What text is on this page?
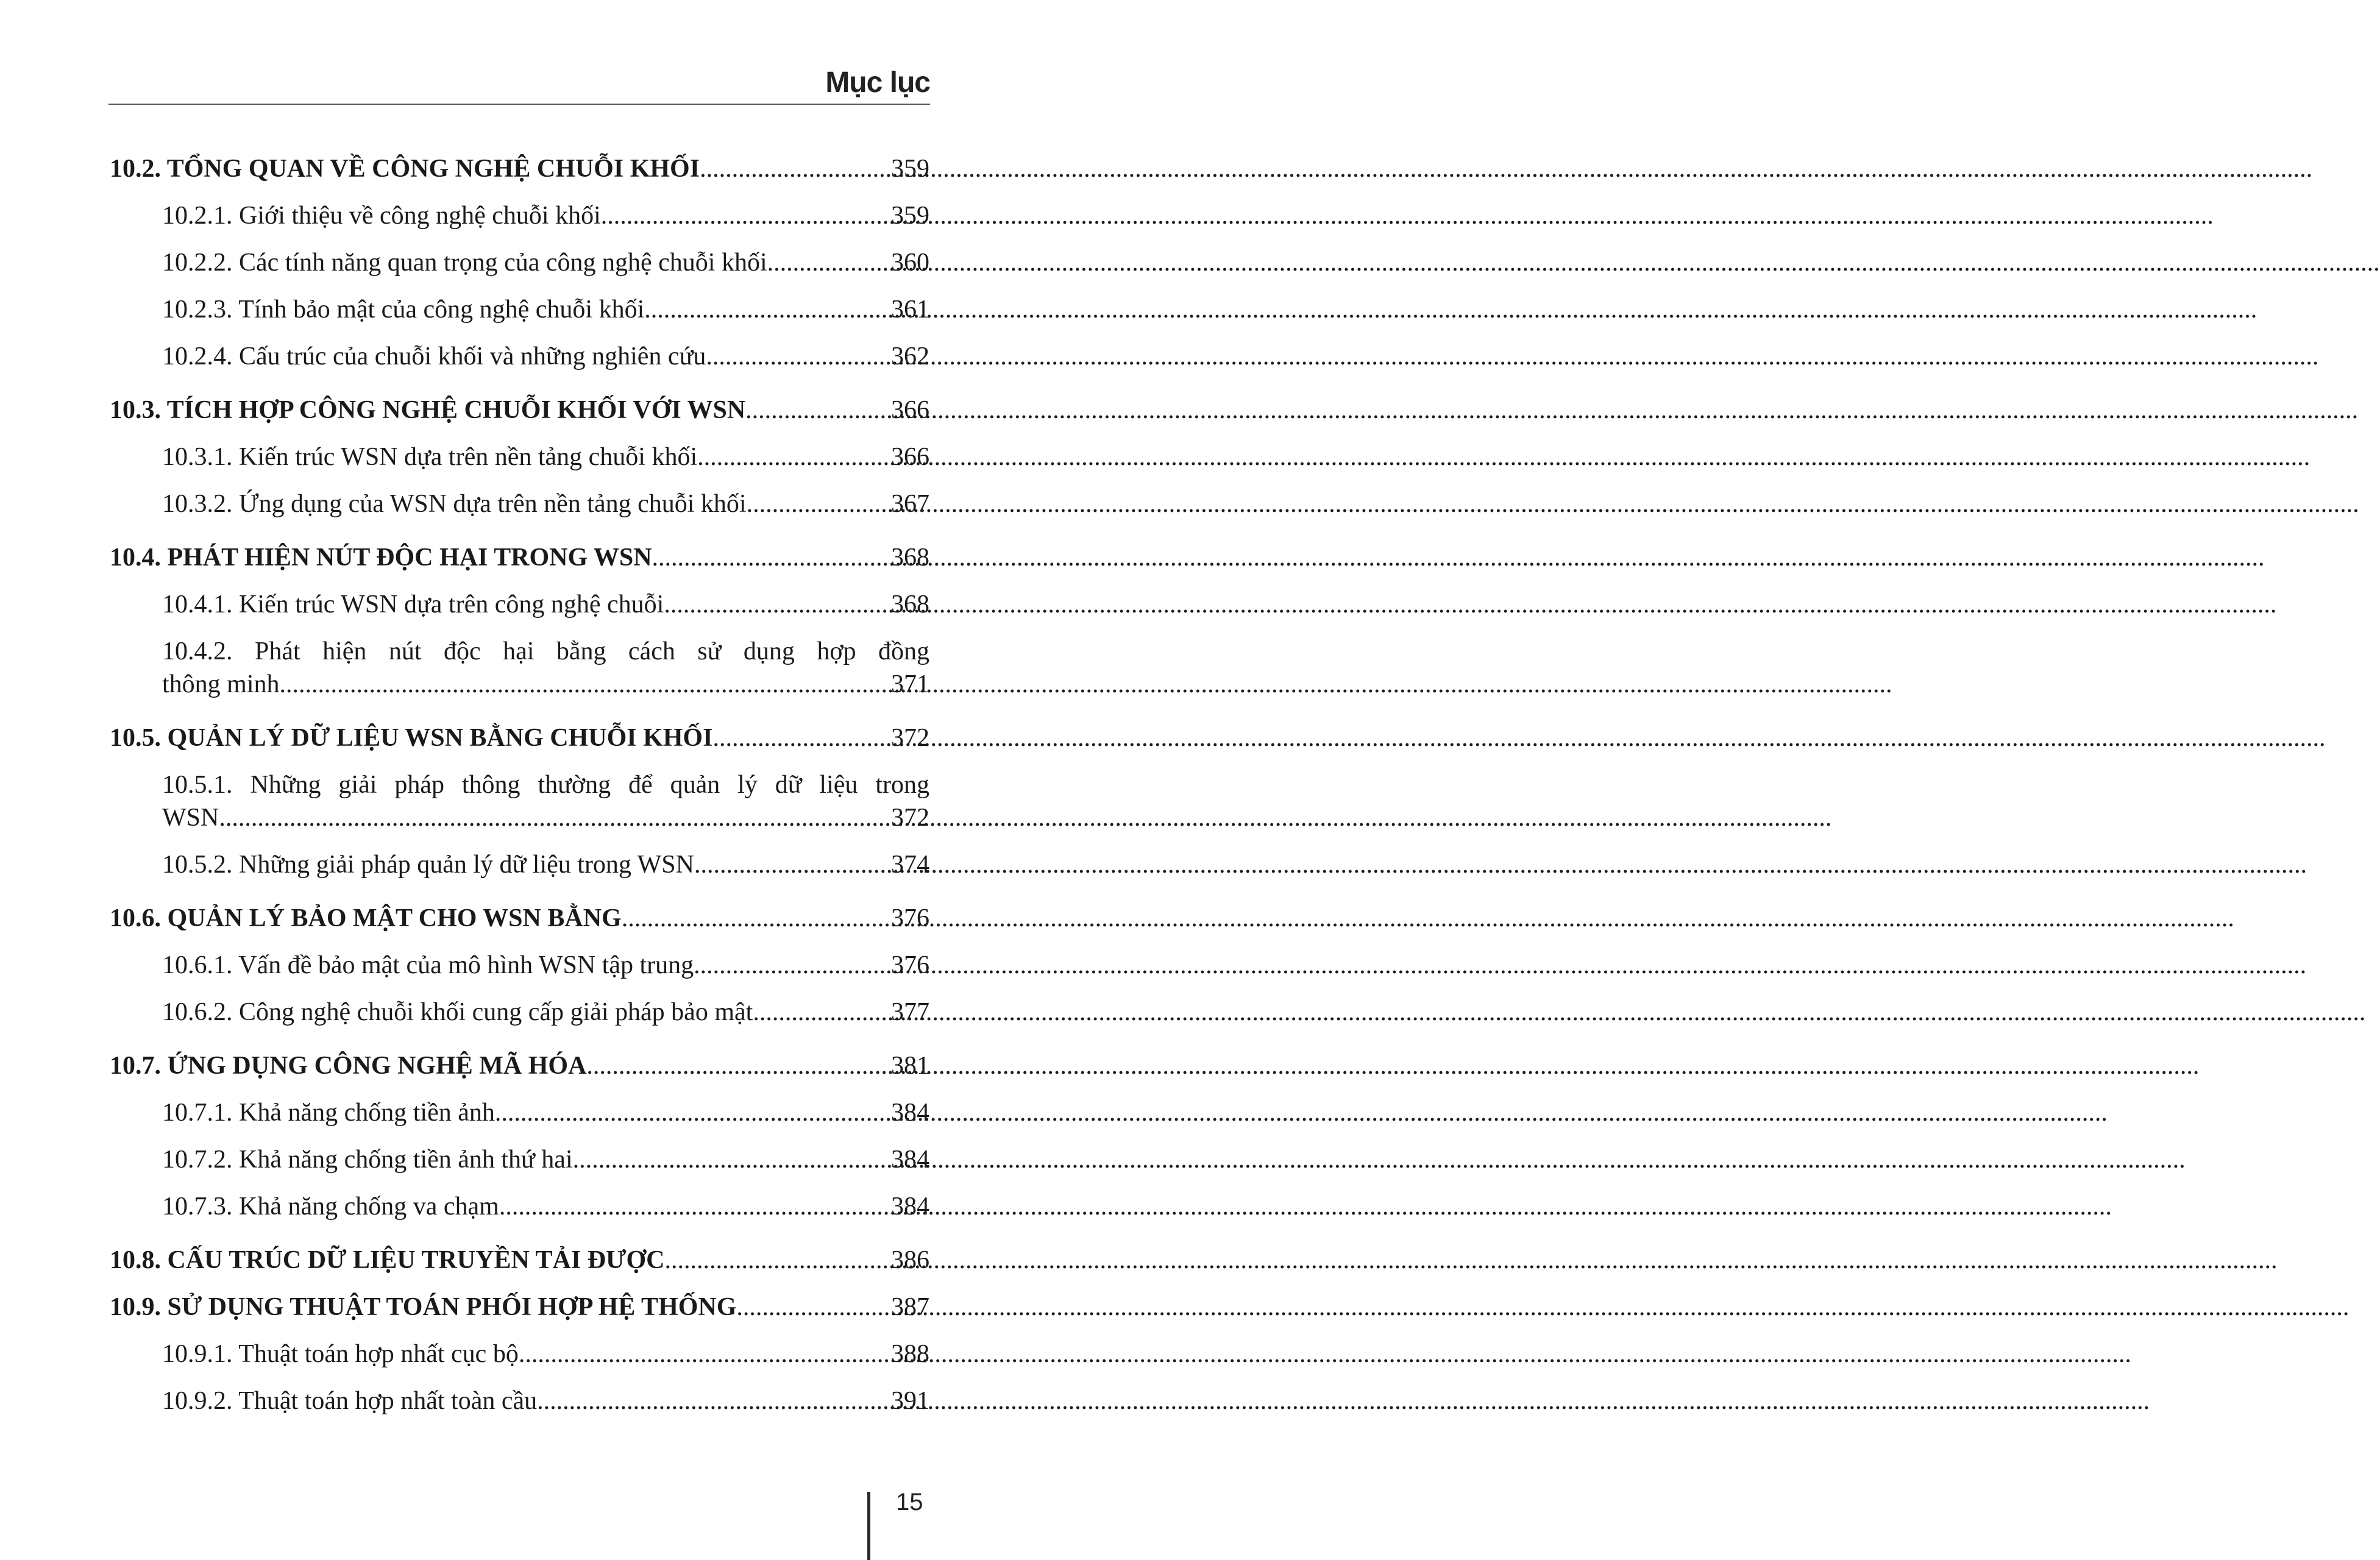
Mục lục
10.2. TỔNG QUAN VỀ CÔNG NGHỆ CHUỖI KHỐI .....	359
10.2.1. Giới thiệu về công nghệ chuỗi khối .....	359
10.2.2. Các tính năng quan trọng của công nghệ chuỗi khối .....	360
10.2.3. Tính bảo mật của công nghệ chuỗi khối .....	361
10.2.4. Cấu trúc của chuỗi khối và những nghiên cứu .....	362
10.3. TÍCH HỢP CÔNG NGHỆ CHUỖI KHỐI VỚI WSN .....	366
10.3.1. Kiến trúc WSN dựa trên nền tảng chuỗi khối .....	366
10.3.2. Ứng dụng của WSN dựa trên nền tảng chuỗi khối .....	367
10.4. PHÁT HIỆN NÚT ĐỘC HẠI TRONG WSN .....	368
10.4.1. Kiến trúc WSN dựa trên công nghệ chuỗi .....	368
10.4.2. Phát hiện nút độc hại bằng cách sử dụng hợp đồng
thông minh .....	371
10.5. QUẢN LÝ DỮ LIỆU WSN BẰNG CHUỖI KHỐI .....	372
10.5.1. Những giải pháp thông thường để quản lý dữ liệu trong
WSN .....	372
10.5.2. Những giải pháp quản lý dữ liệu trong WSN .....	374
10.6. QUẢN LÝ BẢO MẬT CHO WSN BẰNG .....	376
10.6.1. Vấn đề bảo mật của mô hình WSN tập trung .....	376
10.6.2. Công nghệ chuỗi khối cung cấp giải pháp bảo mật .....	377
10.7. ỨNG DỤNG CÔNG NGHỆ MÃ HÓA .....	381
10.7.1. Khả năng chống tiền ảnh .....	384
10.7.2. Khả năng chống tiền ảnh thứ hai .....	384
10.7.3. Khả năng chống va chạm .....	384
10.8. CẤU TRÚC DỮ LIỆU TRUYỀN TẢI ĐƯỢC .....	386
10.9. SỬ DỤNG THUẬT TOÁN PHỐI HỢP HỆ THỐNG .....	387
10.9.1. Thuật toán hợp nhất cục bộ .....	388
10.9.2. Thuật toán hợp nhất toàn cầu .....	391
15
